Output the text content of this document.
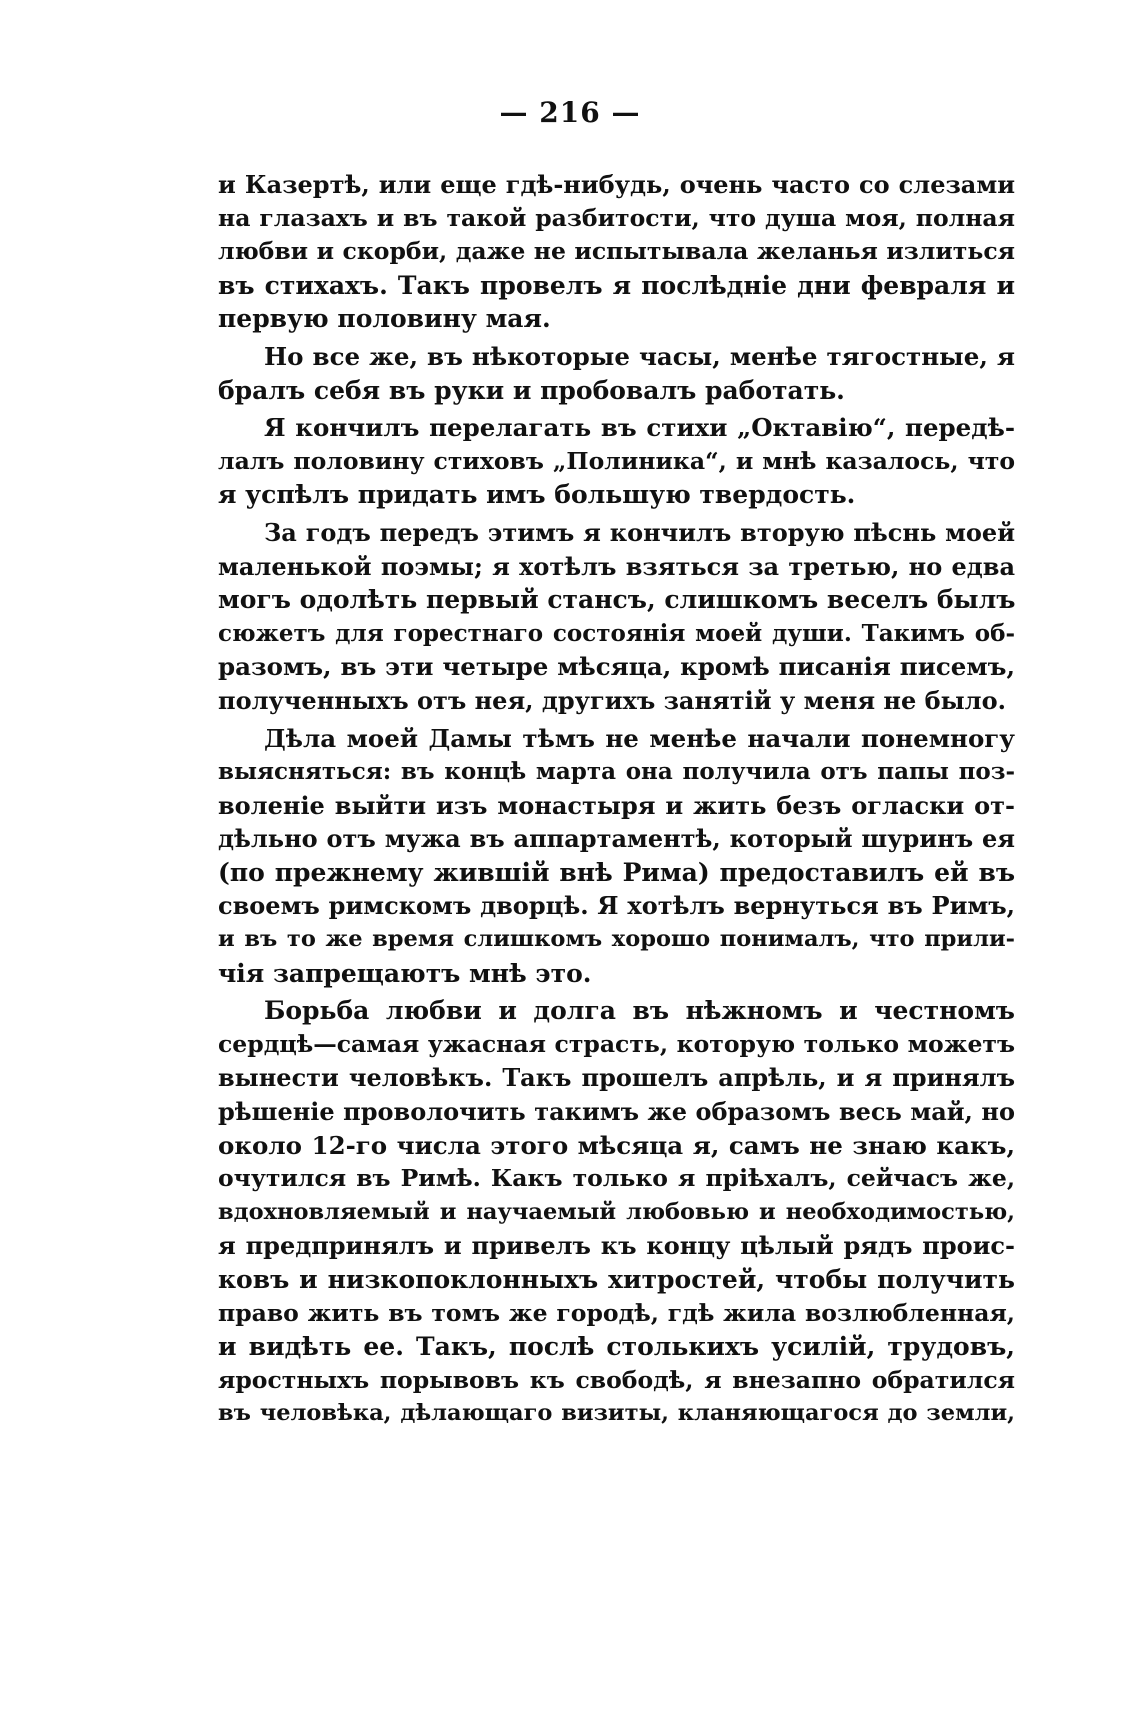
— 216 —
и Казертѣ, или еще гдѣ-нибудь, очень часто со слезами
на глазахъ и въ такой разбитости, что душа моя, полная
любви и скорби, даже не испытывала желанья излиться
въ стихахъ. Такъ провелъ я послѣдніе дни февраля и
первую половину мая.
Но все же, въ нѣкоторые часы, менѣе тягостные, я
бралъ себя въ руки и пробовалъ работать.
Я кончилъ перелагать въ стихи „Октавію“, передѣ-
лалъ половину стиховъ „Полиника“, и мнѣ казалось, что
я успѣлъ придать имъ большую твердость.
За годъ передъ этимъ я кончилъ вторую пѣснь моей
маленькой поэмы; я хотѣлъ взяться за третью, но едва
могъ одолѣть первый стансъ, слишкомъ веселъ былъ
сюжетъ для горестнаго состоянія моей души. Такимъ об-
разомъ, въ эти четыре мѣсяца, кромѣ писанія писемъ,
полученныхъ отъ нея, другихъ занятій у меня не было.
Дѣла моей Дамы тѣмъ не менѣе начали понемногу
выясняться: въ концѣ марта она получила отъ папы поз-
воленіе выйти изъ монастыря и жить безъ огласки от-
дѣльно отъ мужа въ аппартаментѣ, который шуринъ ея
(по прежнему жившій внѣ Рима) предоставилъ ей въ
своемъ римскомъ дворцѣ. Я хотѣлъ вернуться въ Римъ,
и въ то же время слишкомъ хорошо понималъ, что прили-
чія запрещаютъ мнѣ это.
Борьба любви и долга въ нѣжномъ и честномъ
сердцѣ—самая ужасная страсть, которую только можетъ
вынести человѣкъ. Такъ прошелъ апрѣль, и я принялъ
рѣшеніе проволочить такимъ же образомъ весь май, но
около 12-го числа этого мѣсяца я, самъ не знаю какъ,
очутился въ Римѣ. Какъ только я пріѣхалъ, сейчасъ же,
вдохновляемый и научаемый любовью и необходимостью,
я предпринялъ и привелъ къ концу цѣлый рядъ проис-
ковъ и низкопоклонныхъ хитростей, чтобы получить
право жить въ томъ же городѣ, гдѣ жила возлюбленная,
и видѣть ее. Такъ, послѣ столькихъ усилій, трудовъ,
яростныхъ порывовъ къ свободѣ, я внезапно обратился
въ человѣка, дѣлающаго визиты, кланяющагося до земли,
